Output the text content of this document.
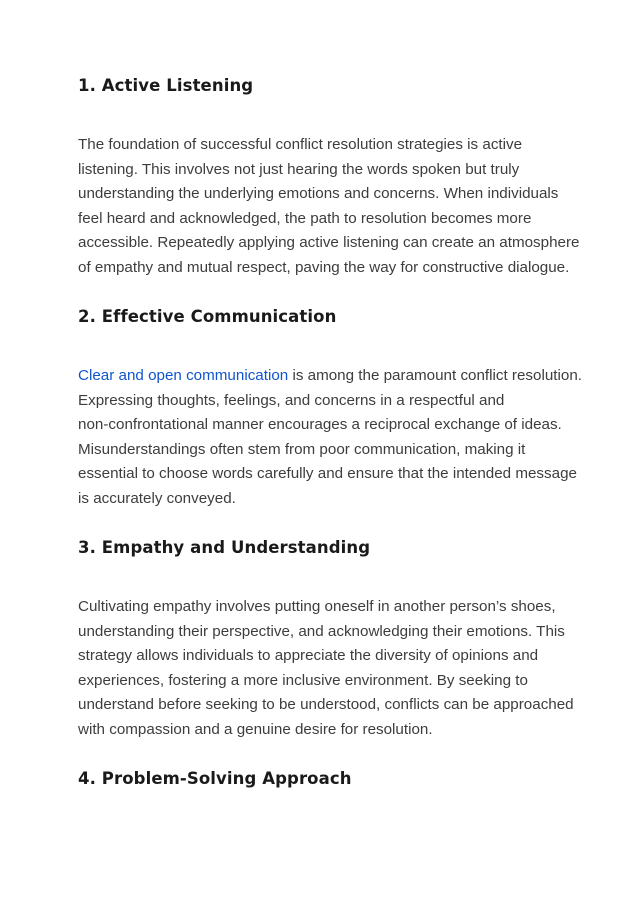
1. Active Listening
The foundation of successful conflict resolution strategies is active
listening. This involves not just hearing the words spoken but truly
understanding the underlying emotions and concerns. When individuals
feel heard and acknowledged, the path to resolution becomes more
accessible. Repeatedly applying active listening can create an atmosphere
of empathy and mutual respect, paving the way for constructive dialogue.
2. Effective Communication
Clear and open communication is among the paramount conflict resolution.
Expressing thoughts, feelings, and concerns in a respectful and
non-confrontational manner encourages a reciprocal exchange of ideas.
Misunderstandings often stem from poor communication, making it
essential to choose words carefully and ensure that the intended message
is accurately conveyed.
3. Empathy and Understanding
Cultivating empathy involves putting oneself in another person’s shoes,
understanding their perspective, and acknowledging their emotions. This
strategy allows individuals to appreciate the diversity of opinions and
experiences, fostering a more inclusive environment. By seeking to
understand before seeking to be understood, conflicts can be approached
with compassion and a genuine desire for resolution.
4. Problem-Solving Approach
